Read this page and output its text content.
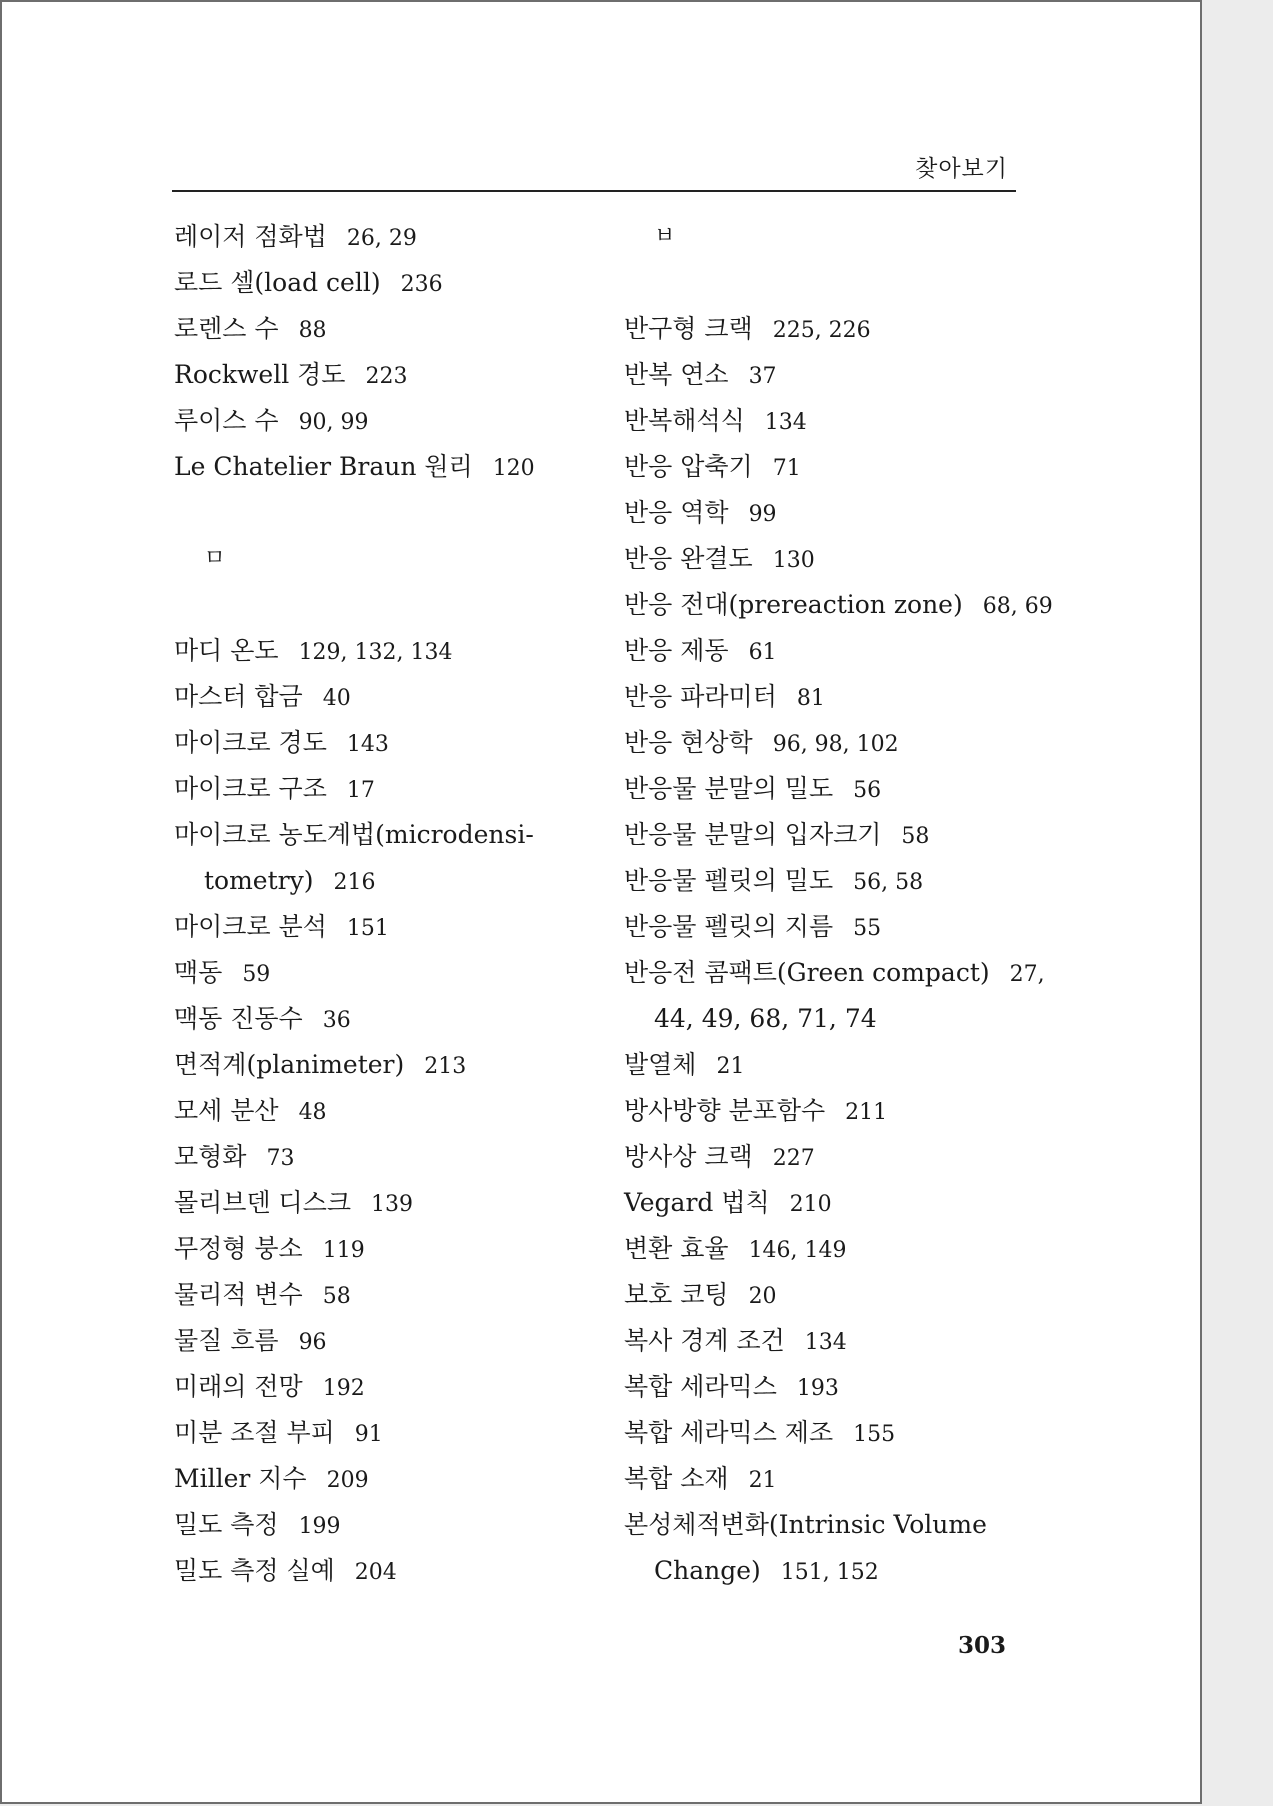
찾아보기
레이저 점화법 26, 29
로드 셀(load cell) 236
로렌스 수 88
Rockwell 경도 223
루이스 수 90, 99
Le Chatelier Braun 원리 120
ㅁ
마디 온도 129, 132, 134
마스터 합금 40
마이크로 경도 143
마이크로 구조 17
마이크로 농도계법(microdensi-
tometry) 216
마이크로 분석 151
맥동 59
맥동 진동수 36
면적계(planimeter) 213
모세 분산 48
모형화 73
몰리브덴 디스크 139
무정형 붕소 119
물리적 변수 58
물질 흐름 96
미래의 전망 192
미분 조절 부피 91
Miller 지수 209
밀도 측정 199
밀도 측정 실예 204
ㅂ
반구형 크랙 225, 226
반복 연소 37
반복해석식 134
반응 압축기 71
반응 역학 99
반응 완결도 130
반응 전대(prereaction zone) 68, 69
반응 제동 61
반응 파라미터 81
반응 현상학 96, 98, 102
반응물 분말의 밀도 56
반응물 분말의 입자크기 58
반응물 펠릿의 밀도 56, 58
반응물 펠릿의 지름 55
반응전 콤팩트(Green compact) 27,
44, 49, 68, 71, 74
발열체 21
방사방향 분포함수 211
방사상 크랙 227
Vegard 법칙 210
변환 효율 146, 149
보호 코팅 20
복사 경계 조건 134
복합 세라믹스 193
복합 세라믹스 제조 155
복합 소재 21
본성체적변화(Intrinsic Volume
Change) 151, 152
303
